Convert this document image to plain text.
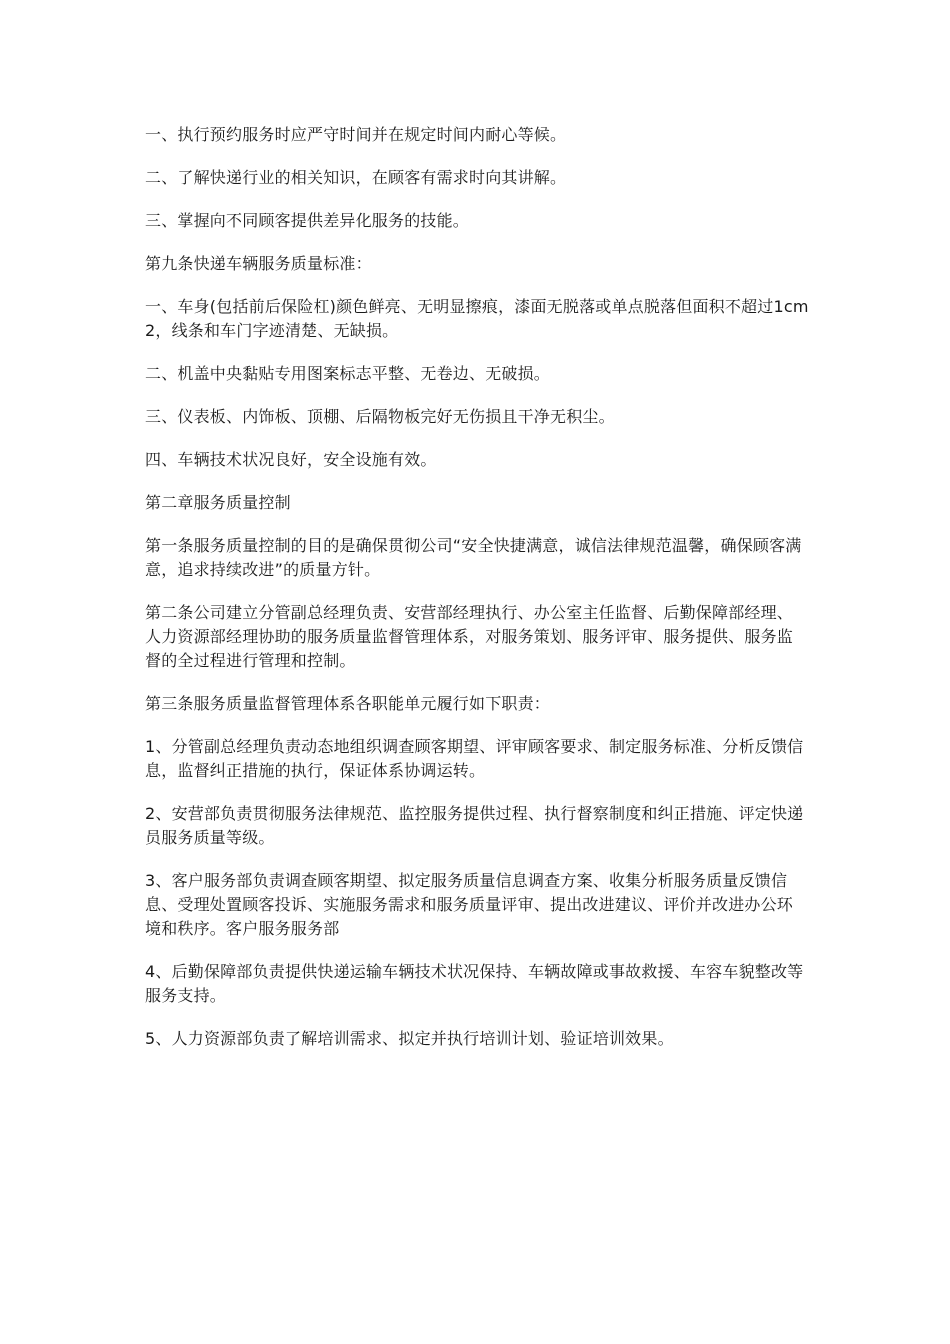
一、执行预约服务时应严守时间并在规定时间内耐心等候。

二、了解快递行业的相关知识，在顾客有需求时向其讲解。

三、掌握向不同顾客提供差异化服务的技能。

第九条快递车辆服务质量标准：

一、车身(包括前后保险杠)颜色鲜亮、无明显擦痕，漆面无脱落或单点脱落但面积不超过1cm2，线条和车门字迹清楚、无缺损。

二、机盖中央黏贴专用图案标志平整、无卷边、无破损。

三、仪表板、内饰板、顶棚、后隔物板完好无伤损且干净无积尘。

四、车辆技术状况良好，安全设施有效。

第二章服务质量控制

第一条服务质量控制的目的是确保贯彻公司“安全快捷满意，诚信法律规范温馨，确保顾客满意，追求持续改进”的质量方针。

第二条公司建立分管副总经理负责、安营部经理执行、办公室主任监督、后勤保障部经理、人力资源部经理协助的服务质量监督管理体系，对服务策划、服务评审、服务提供、服务监督的全过程进行管理和控制。

第三条服务质量监督管理体系各职能单元履行如下职责：

1、分管副总经理负责动态地组织调查顾客期望、评审顾客要求、制定服务标准、分析反馈信息，监督纠正措施的执行，保证体系协调运转。

2、安营部负责贯彻服务法律规范、监控服务提供过程、执行督察制度和纠正措施、评定快递员服务质量等级。

3、客户服务部负责调查顾客期望、拟定服务质量信息调查方案、收集分析服务质量反馈信息、受理处置顾客投诉、实施服务需求和服务质量评审、提出改进建议、评价并改进办公环境和秩序。客户服务服务部

4、后勤保障部负责提供快递运输车辆技术状况保持、车辆故障或事故救援、车容车貌整改等服务支持。

5、人力资源部负责了解培训需求、拟定并执行培训计划、验证培训效果。
